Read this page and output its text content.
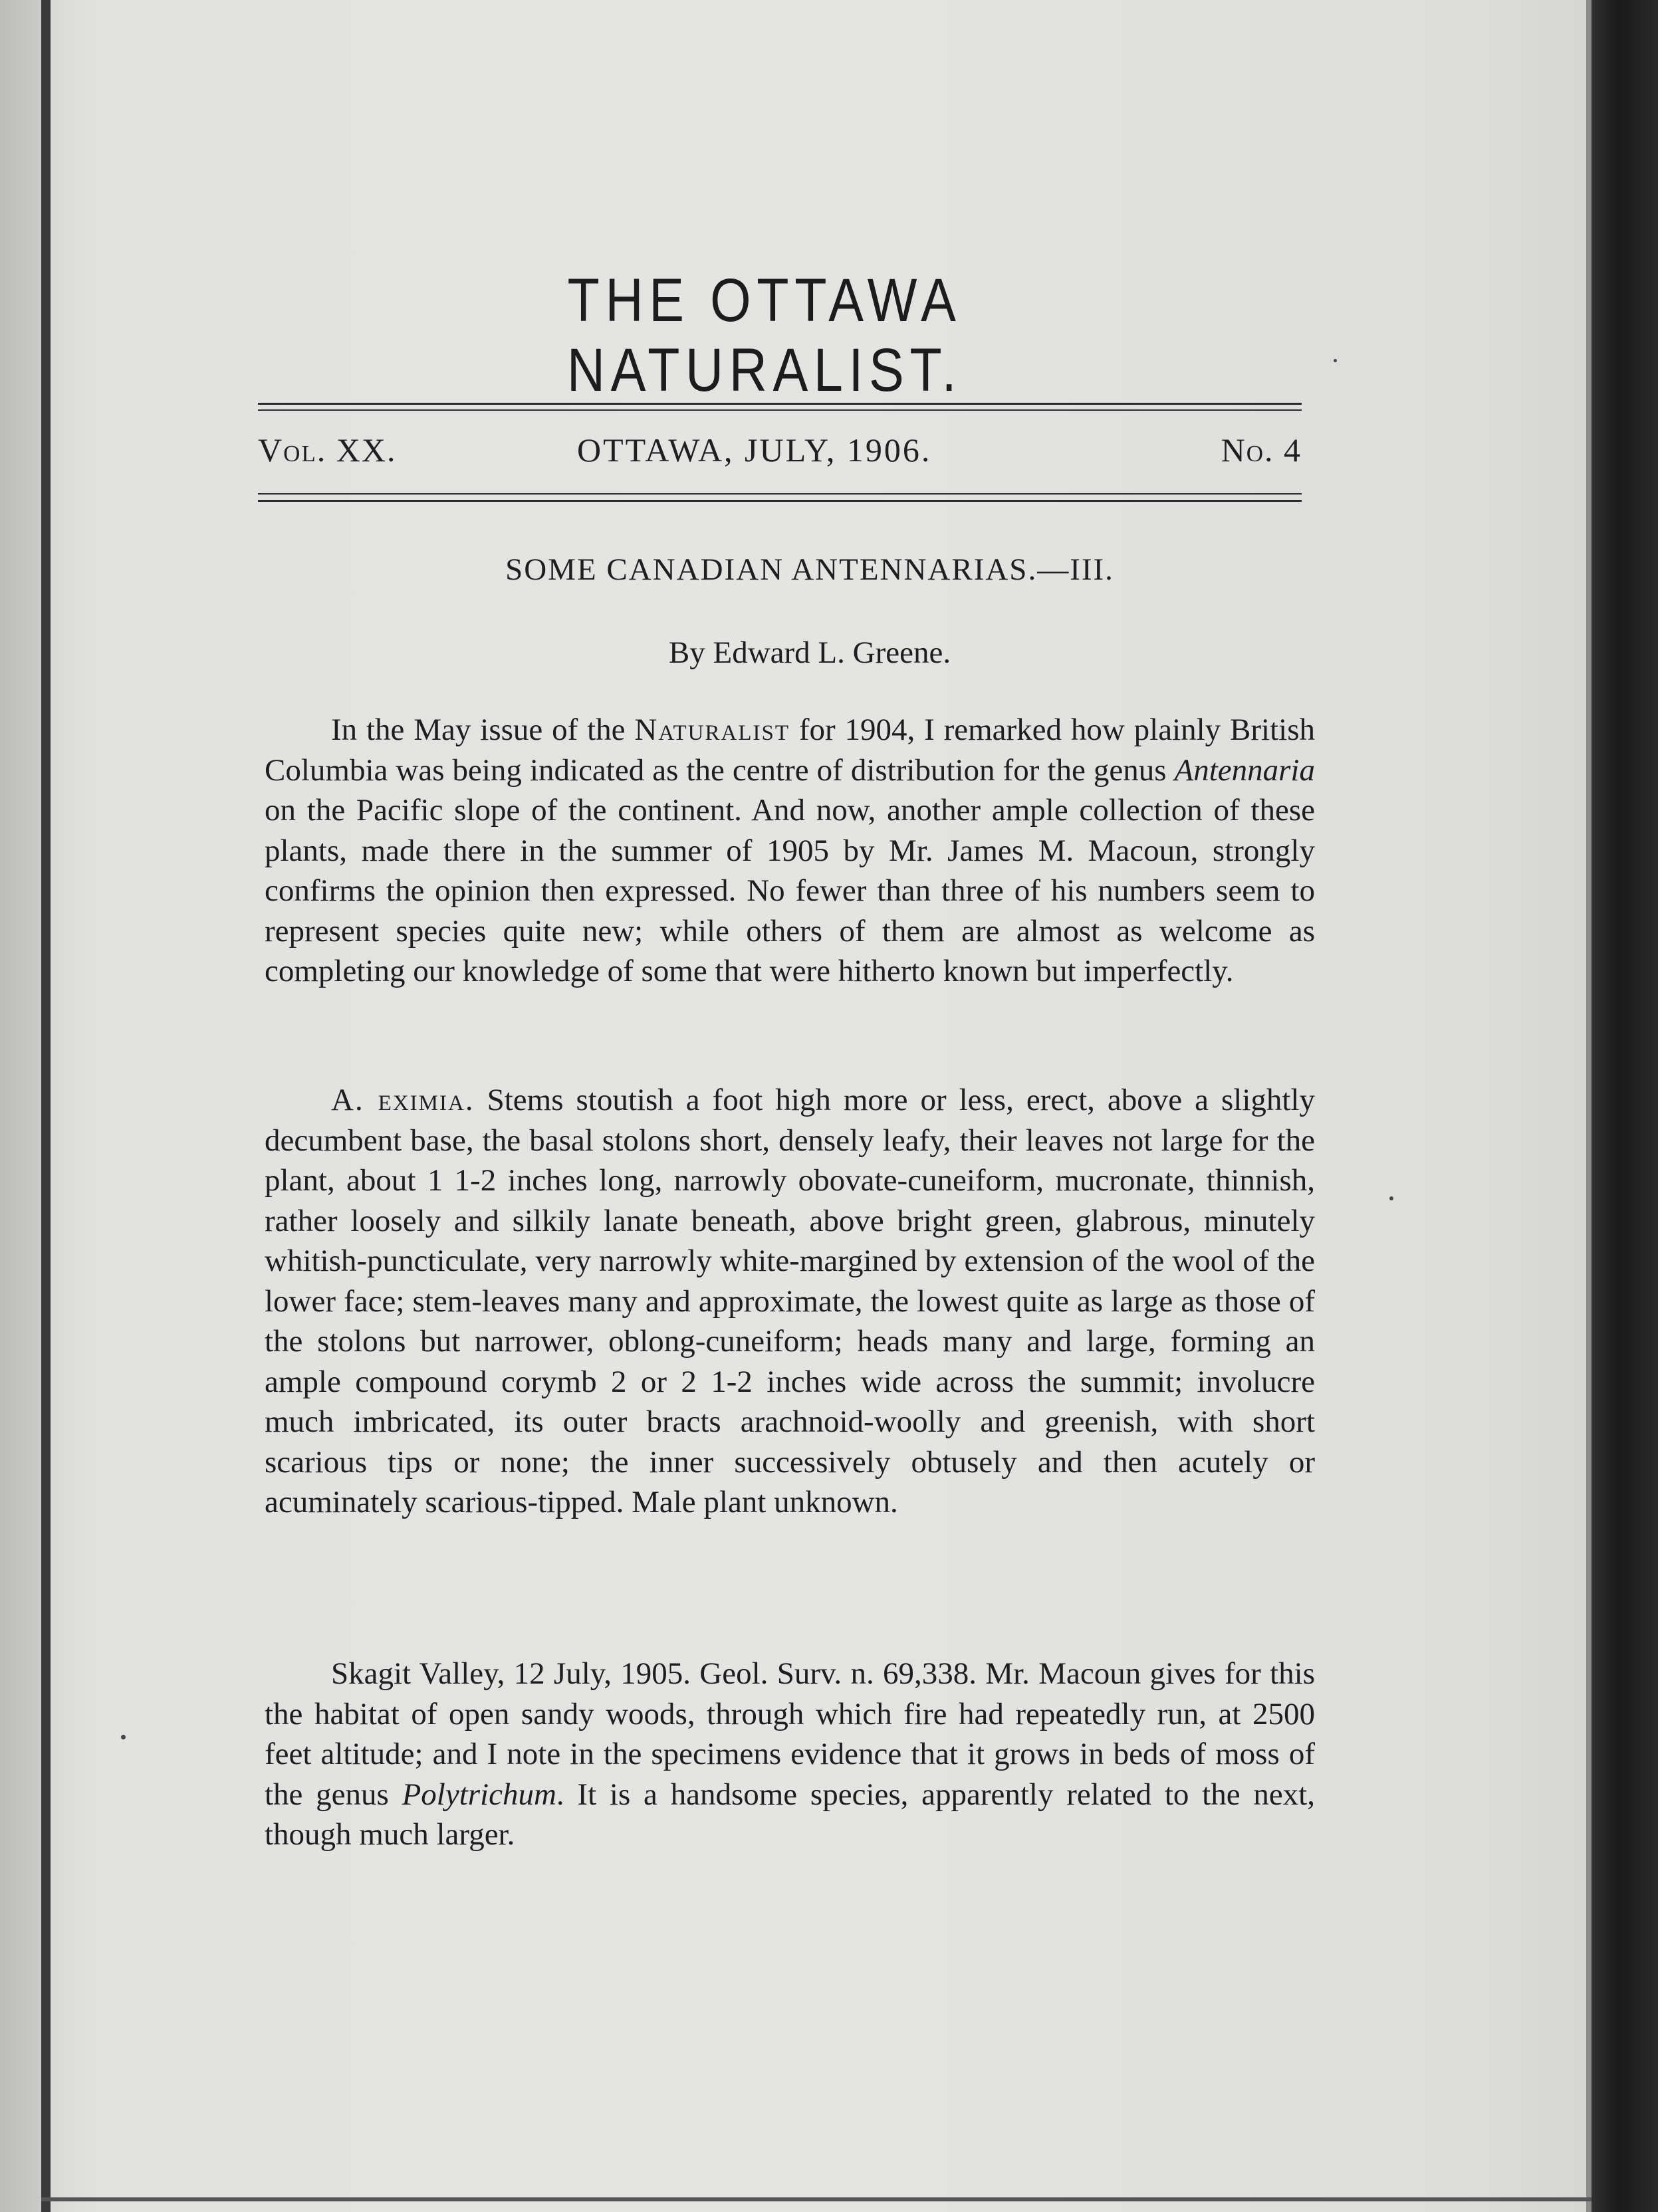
THE OTTAWA NATURALIST.
Vol. XX.	OTTAWA, JULY, 1906.	No. 4
SOME CANADIAN ANTENNARIAS.—III.
By Edward L. Greene.

In the May issue of the Naturalist for 1904, I remarked how plainly British Columbia was being indicated as the centre of distribution for the genus Antennaria on the Pacific slope of the continent. And now, another ample collection of these plants, made there in the summer of 1905 by Mr. James M. Macoun, strongly confirms the opinion then expressed. No fewer than three of his numbers seem to represent species quite new; while others of them are almost as welcome as completing our knowledge of some that were hitherto known but imperfectly.

A. eximia. Stems stoutish a foot high more or less, erect, above a slightly decumbent base, the basal stolons short, densely leafy, their leaves not large for the plant, about 1 1-2 inches long, narrowly obovate-cuneiform, mucronate, thinnish, rather loosely and silkily lanate beneath, above bright green, glabrous, minutely whitish-puncticulate, very narrowly white-margined by extension of the wool of the lower face; stem-leaves many and approximate, the lowest quite as large as those of the stolons but narrower, oblong-cuneiform; heads many and large, forming an ample compound corymb 2 or 2 1-2 inches wide across the summit; involucre much imbricated, its outer bracts arachnoid-woolly and greenish, with short scarious tips or none; the inner successively obtusely and then acutely or acuminately scarious-tipped. Male plant unknown.

Skagit Valley, 12 July, 1905. Geol. Surv. n. 69,338. Mr. Macoun gives for this the habitat of open sandy woods, through which fire had repeatedly run, at 2500 feet altitude; and I note in the specimens evidence that it grows in beds of moss of the genus Polytrichum. It is a handsome species, apparently related to the next, though much larger.
